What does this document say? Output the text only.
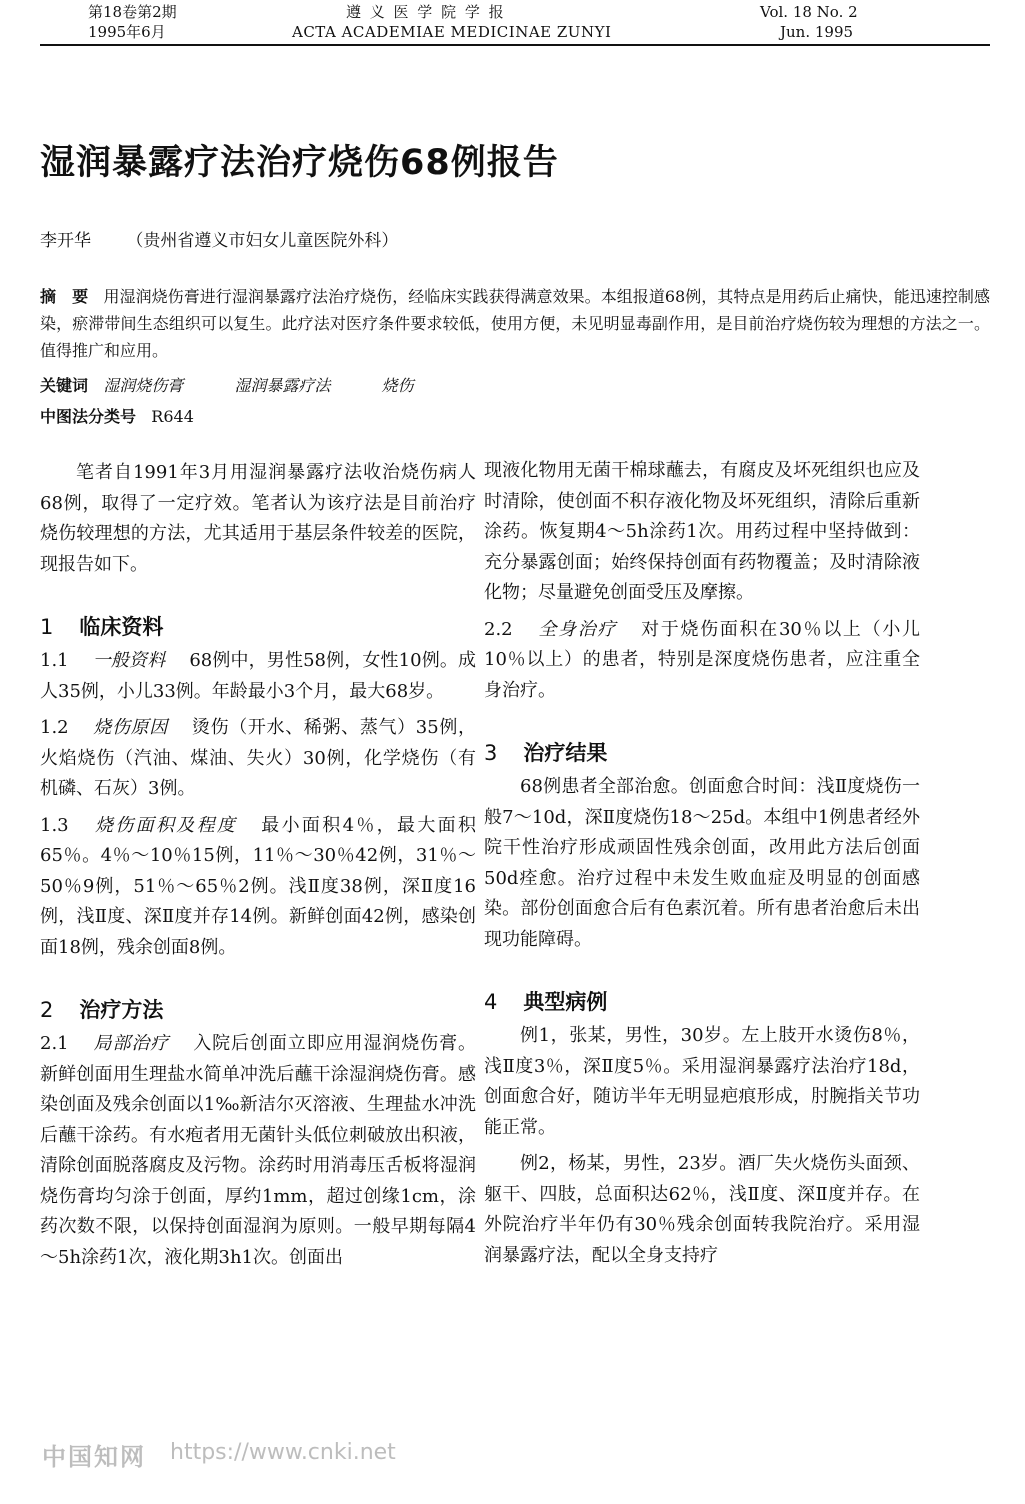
第18卷第2期
1995年6月
遵 义 医 学 院 学 报
ACTA ACADEMIAE MEDICINAE ZUNYI
Vol. 18 No. 2
Jun. 1995
湿润暴露疗法治疗烧伤68例报告
李开华 （贵州省遵义市妇女儿童医院外科）
摘　要 用湿润烧伤膏进行湿润暴露疗法治疗烧伤，经临床实践获得满意效果。本组报道68例，其特点是用药后止痛快，能迅速控制感染，瘀滞带间生态组织可以复生。此疗法对医疗条件要求较低，使用方便，未见明显毒副作用，是目前治疗烧伤较为理想的方法之一。值得推广和应用。
关键词 湿润烧伤膏	湿润暴露疗法	烧伤
中图法分类号 R644

笔者自1991年3月用湿润暴露疗法收治烧伤病人68例，取得了一定疗效。笔者认为该疗法是目前治疗烧伤较理想的方法，尤其适用于基层条件较差的医院，现报告如下。

1 临床资料

1.1 一般资料 68例中，男性58例，女性10例。成人35例，小儿33例。年龄最小3个月，最大68岁。

1.2 烧伤原因 烫伤（开水、稀粥、蒸气）35例，火焰烧伤（汽油、煤油、失火）30例，化学烧伤（有机磷、石灰）3例。

1.3 烧伤面积及程度 最小面积4％，最大面积65％。4％～10％15例，11％～30％42例，31％～50％9例，51％～65％2例。浅Ⅱ度38例，深Ⅱ度16例，浅Ⅱ度、深Ⅱ度并存14例。新鲜创面42例，感染创面18例，残余创面8例。

2 治疗方法

2.1 局部治疗 入院后创面立即应用湿润烧伤膏。新鲜创面用生理盐水简单冲洗后蘸干涂湿润烧伤膏。感染创面及残余创面以1‰新洁尔灭溶液、生理盐水冲洗后蘸干涂药。有水疱者用无菌针头低位刺破放出积液，清除创面脱落腐皮及污物。涂药时用消毒压舌板将湿润烧伤膏均匀涂于创面，厚约1mm，超过创缘1cm，涂药次数不限，以保持创面湿润为原则。一般早期每隔4～5h涂药1次，液化期3h1次。创面出

现液化物用无菌干棉球蘸去，有腐皮及坏死组织也应及时清除，使创面不积存液化物及坏死组织，清除后重新涂药。恢复期4～5h涂药1次。用药过程中坚持做到：充分暴露创面；始终保持创面有药物覆盖；及时清除液化物；尽量避免创面受压及摩擦。

2.2 全身治疗 对于烧伤面积在30％以上（小儿10％以上）的患者，特别是深度烧伤患者，应注重全身治疗。

3 治疗结果

68例患者全部治愈。创面愈合时间：浅Ⅱ度烧伤一般7～10d，深Ⅱ度烧伤18～25d。本组中1例患者经外院干性治疗形成顽固性残余创面，改用此方法后创面50d痊愈。治疗过程中未发生败血症及明显的创面感染。部份创面愈合后有色素沉着。所有患者治愈后未出现功能障碍。

4 典型病例

例1，张某，男性，30岁。左上肢开水烫伤8％，浅Ⅱ度3％，深Ⅱ度5％。采用湿润暴露疗法治疗18d，创面愈合好，随访半年无明显疤痕形成，肘腕指关节功能正常。

例2，杨某，男性，23岁。酒厂失火烧伤头面颈、躯干、四肢，总面积达62％，浅Ⅱ度、深Ⅱ度并存。在外院治疗半年仍有30％残余创面转我院治疗。采用湿润暴露疗法，配以全身支持疗

中国知网 https://www.cnki.net
